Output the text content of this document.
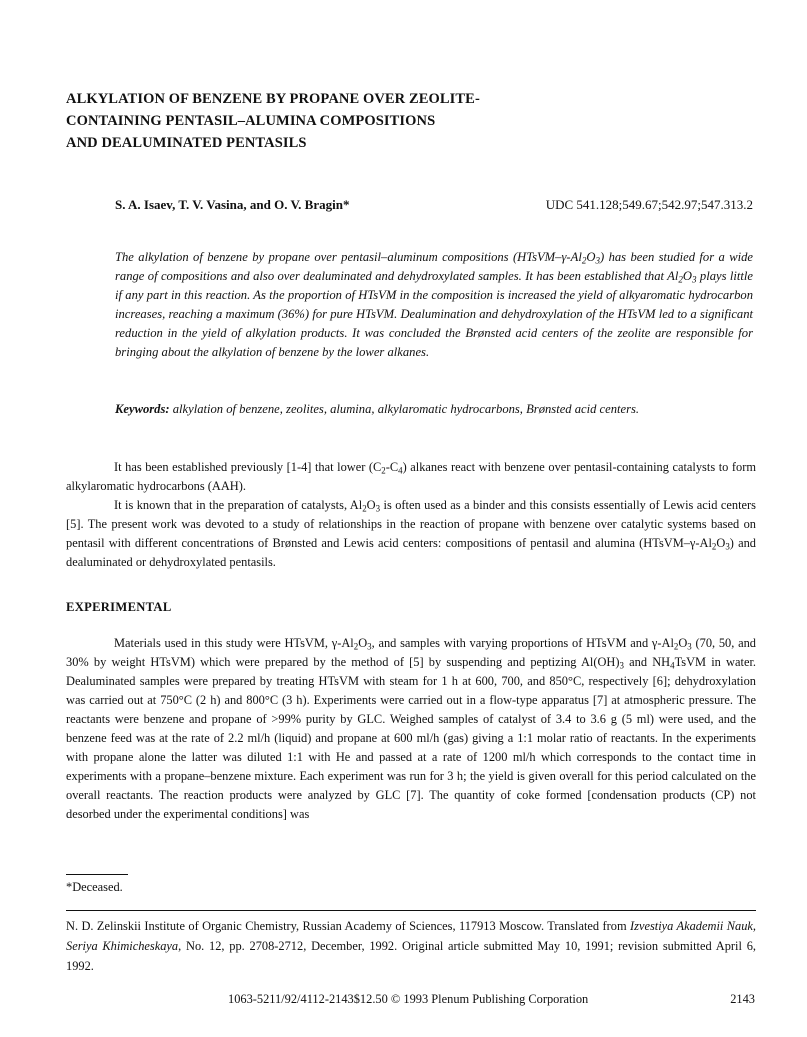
ALKYLATION OF BENZENE BY PROPANE OVER ZEOLITE-
CONTAINING PENTASIL–ALUMINA COMPOSITIONS
AND DEALUMINATED PENTASILS
S. A. Isaev, T. V. Vasina, and O. V. Bragin*	UDC 541.128;549.67;542.97;547.313.2
The alkylation of benzene by propane over pentasil–aluminum compositions $(HTsVM-\gamma-Al_2O_3)$ has been studied for a wide range of compositions and also over dealuminated and dehydroxylated samples. It has been established that $Al_2O_3$ plays little if any part in this reaction. As the proportion of HTsVM in the composition is increased the yield of alkyaromatic hydrocarbon increases, reaching a maximum (36%) for pure HTsVM. Dealumination and dehydroxylation of the HTsVM led to a significant reduction in the yield of alkylation products. It was concluded the Brønsted acid centers of the zeolite are responsible for bringing about the alkylation of benzene by the lower alkanes.
Keywords: alkylation of benzene, zeolites, alumina, alkylaromatic hydrocarbons, Brønsted acid centers.
It has been established previously [1-4] that lower $(C_2-C_4)$ alkanes react with benzene over pentasil-containing catalysts to form alkylaromatic hydrocarbons (AAH).
It is known that in the preparation of catalysts, $Al_2O_3$ is often used as a binder and this consists essentially of Lewis acid centers [5]. The present work was devoted to a study of relationships in the reaction of propane with benzene over catalytic systems based on pentasil with different concentrations of Brønsted and Lewis acid centers: compositions of pentasil and alumina $(HTsVM-\gamma-Al_2O_3)$ and dealuminated or dehydroxylated pentasils.
EXPERIMENTAL
Materials used in this study were HTsVM, $\gamma-Al_2O_3$, and samples with varying proportions of HTsVM and $\gamma-Al_2O_3$ (70, 50, and 30% by weight HTsVM) which were prepared by the method of [5] by suspending and peptizing $Al(OH)_3$ and $NH_4TsVM$ in water. Dealuminated samples were prepared by treating HTsVM with steam for 1 h at 600, 700, and 850°C, respectively [6]; dehydroxylation was carried out at 750°C (2 h) and 800°C (3 h). Experiments were carried out in a flow-type apparatus [7] at atmospheric pressure. The reactants were benzene and propane of >99% purity by GLC. Weighed samples of catalyst of 3.4 to 3.6 g (5 ml) were used, and the benzene feed was at the rate of 2.2 ml/h (liquid) and propane at 600 ml/h (gas) giving a 1:1 molar ratio of reactants. In the experiments with propane alone the latter was diluted 1:1 with He and passed at a rate of 1200 ml/h which corresponds to the contact time in experiments with a propane–benzene mixture. Each experiment was run for 3 h; the yield is given overall for this period calculated on the overall reactants. The reaction products were analyzed by GLC [7]. The quantity of coke formed [condensation products (CP) not desorbed under the experimental conditions] was
*Deceased.
N. D. Zelinskii Institute of Organic Chemistry, Russian Academy of Sciences, 117913 Moscow. Translated from Izvestiya Akademii Nauk, Seriya Khimicheskaya, No. 12, pp. 2708-2712, December, 1992. Original article submitted May 10, 1991; revision submitted April 6, 1992.
1063-5211/92/4112-2143$12.50 © 1993 Plenum Publishing Corporation	2143
